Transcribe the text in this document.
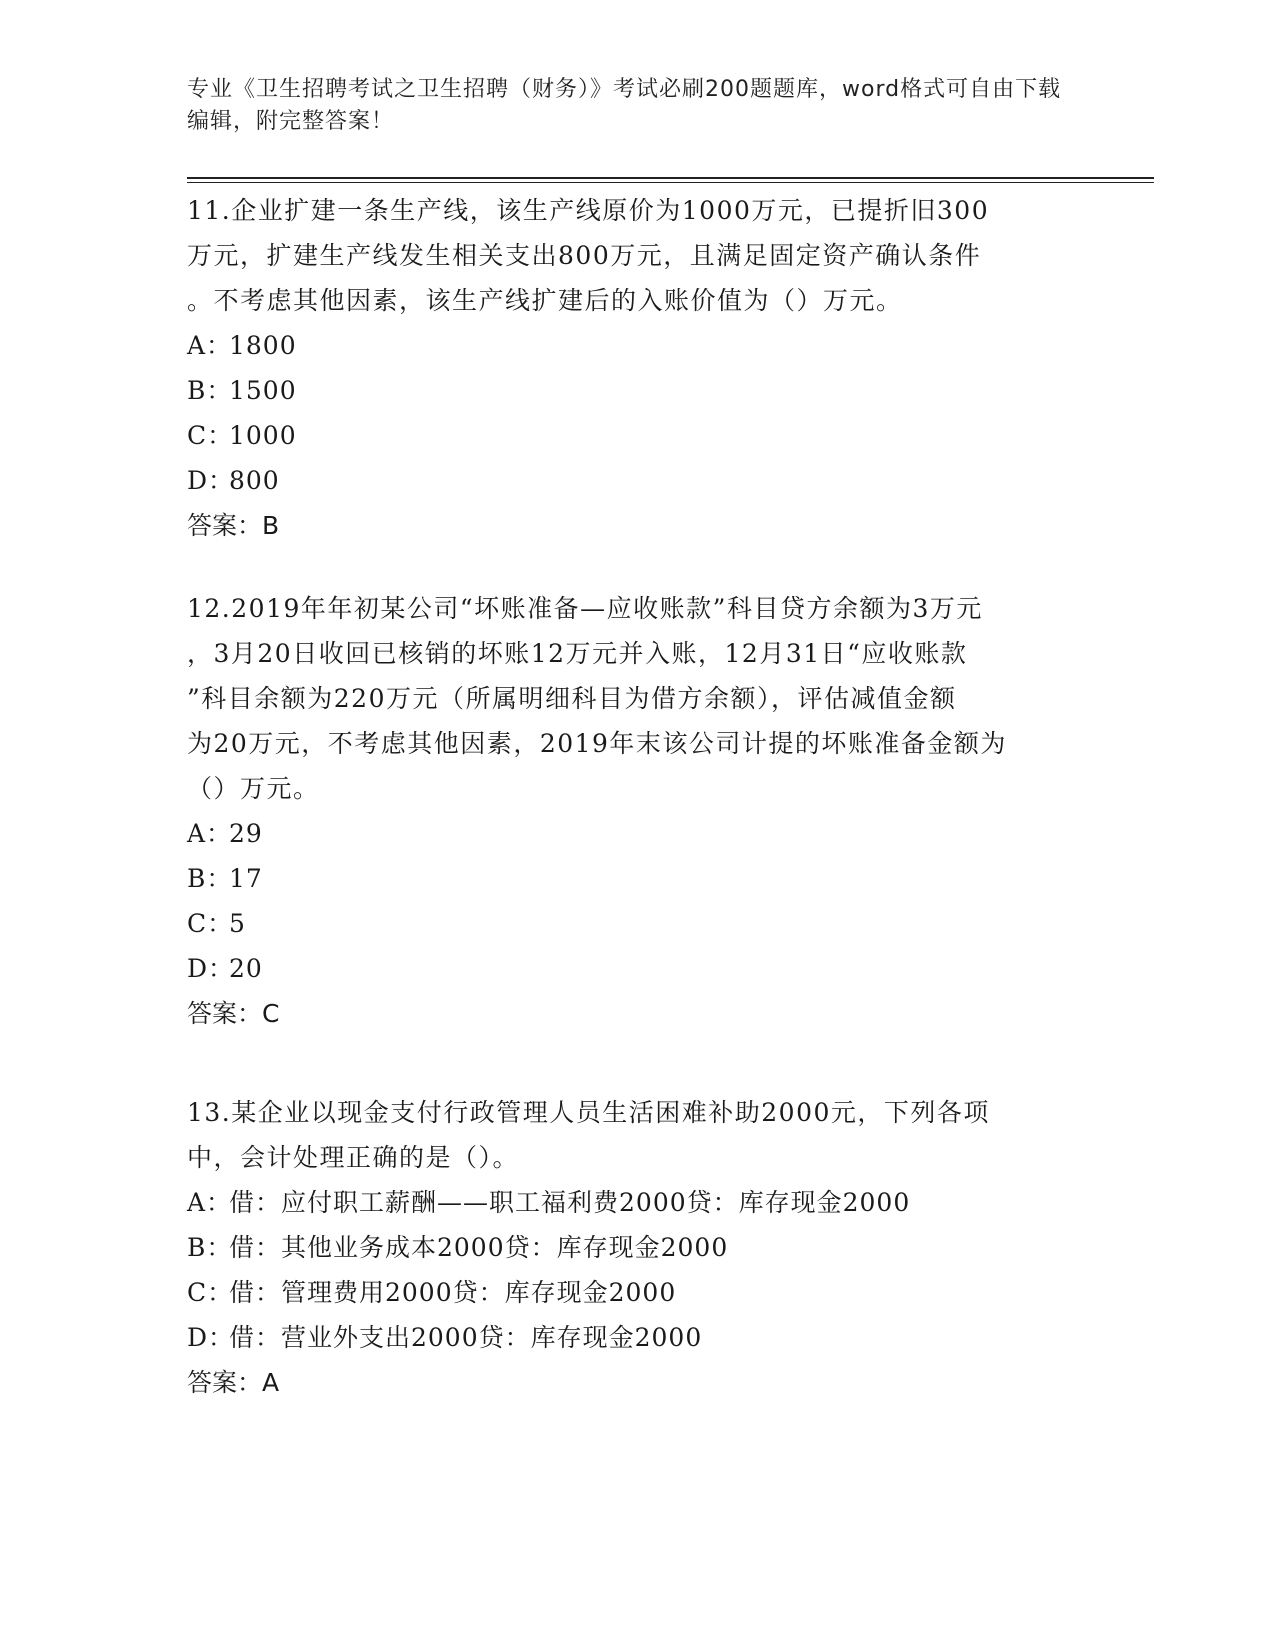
专业《卫生招聘考试之卫生招聘（财务）》考试必刷200题题库，word格式可自由下载编辑，附完整答案！

11.企业扩建一条生产线，该生产线原价为1000万元，已提折旧300
万元，扩建生产线发生相关支出800万元，且满足固定资产确认条件
。不考虑其他因素，该生产线扩建后的入账价值为（）万元。

A：1800

B：1500

C：1000

D：800

答案：B

12.2019年年初某公司“坏账准备—应收账款”科目贷方余额为3万元
，3月20日收回已核销的坏账12万元并入账，12月31日“应收账款
”科目余额为220万元（所属明细科目为借方余额），评估减值金额
为20万元，不考虑其他因素，2019年末该公司计提的坏账准备金额为
（）万元。

A：29

B：17

C：5

D：20

答案：C

13.某企业以现金支付行政管理人员生活困难补助2000元，下列各项
中，会计处理正确的是（）。

A：借：应付职工薪酬——职工福利费2000贷：库存现金2000

B：借：其他业务成本2000贷：库存现金2000

C：借：管理费用2000贷：库存现金2000

D：借：营业外支出2000贷：库存现金2000

答案：A
